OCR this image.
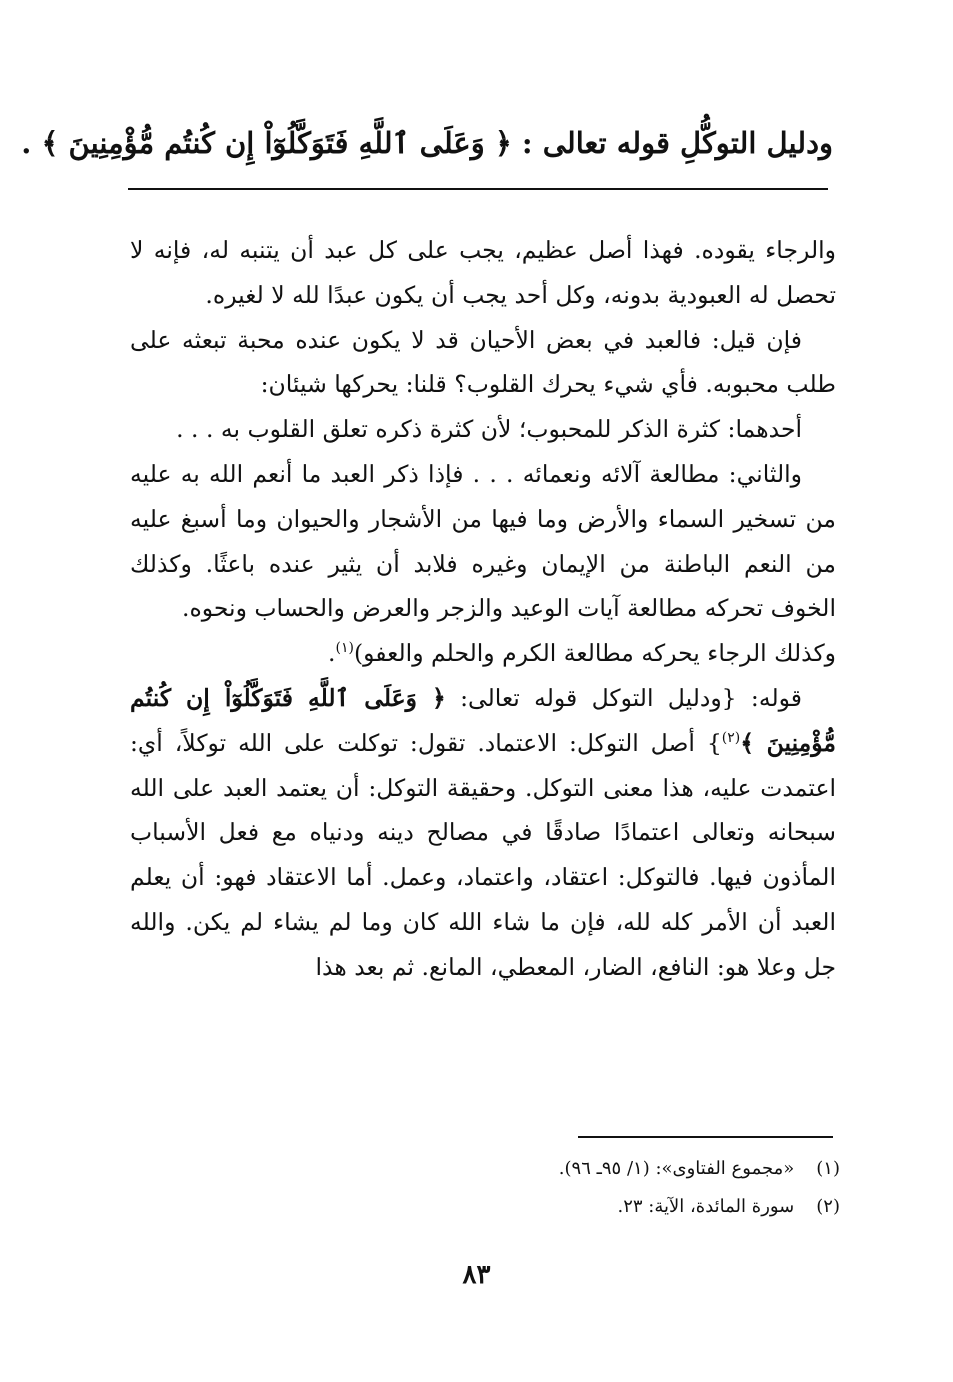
ودليل التوكُّلِ قوله تعالى : ﴿ وَعَلَى ٱللَّهِ فَتَوَكَّلُوٓاْ إِن كُنتُم مُّؤْمِنِينَ ﴾ .

والرجاء يقوده. فهذا أصل عظيم، يجب على كل عبد أن يتنبه له، فإنه لا تحصل له العبودية بدونه، وكل أحد يجب أن يكون عبدًا لله لا لغيره.

فإن قيل: فالعبد في بعض الأحيان قد لا يكون عنده محبة تبعثه على طلب محبوبه. فأي شيء يحرك القلوب؟ قلنا: يحركها شيئان:

أحدهما: كثرة الذكر للمحبوب؛ لأن كثرة ذكره تعلق القلوب به . . .

والثاني: مطالعة آلائه ونعمائه . . . فإذا ذكر العبد ما أنعم الله به عليه من تسخير السماء والأرض وما فيها من الأشجار والحيوان وما أسبغ عليه من النعم الباطنة من الإيمان وغيره فلابد أن يثير عنده باعثًا. وكذلك الخوف تحركه مطالعة آيات الوعيد والزجر والعرض والحساب ونحوه.

وكذلك الرجاء يحركه مطالعة الكرم والحلم والعفو)$^{(١)}$.

قوله: {ودليل التوكل قوله تعالى: ﴿ وَعَلَى ٱللَّهِ فَتَوَكَّلُوٓاْ إِن كُنتُم مُّؤْمِنِينَ ﴾$^{(٢)}$} أصل التوكل: الاعتماد. تقول: توكلت على الله توكلاً، أي: اعتمدت عليه، هذا معنى التوكل. وحقيقة التوكل: أن يعتمد العبد على الله سبحانه وتعالى اعتمادًا صادقًا في مصالح دينه ودنياه مع فعل الأسباب المأذون فيها. فالتوكل: اعتقاد، واعتماد، وعمل. أما الاعتقاد فهو: أن يعلم العبد أن الأمر كله لله، فإن ما شاء الله كان وما لم يشاء لم يكن. والله جل وعلا هو: النافع، الضار، المعطي، المانع. ثم بعد هذا

(١)«مجموع الفتاوى»: (١/ ٩٥ـ ٩٦).
(٢)سورة المائدة، الآية: ٢٣.
٨٣
